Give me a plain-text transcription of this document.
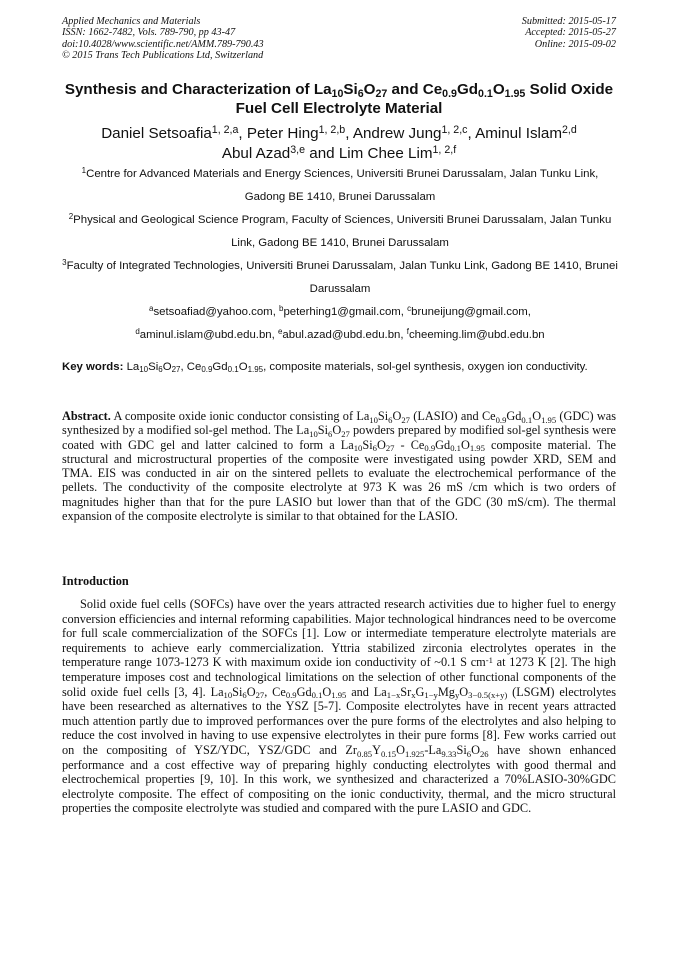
Applied Mechanics and Materials
ISSN: 1662-7482, Vols. 789-790, pp 43-47
doi:10.4028/www.scientific.net/AMM.789-790.43
© 2015 Trans Tech Publications Ltd, Switzerland
Submitted: 2015-05-17
Accepted: 2015-05-27
Online: 2015-09-02
Synthesis and Characterization of $La_{10}Si_6O_{27}$ and $Ce_{0.9}Gd_{0.1}O_{1.95}$ Solid Oxide Fuel Cell Electrolyte Material
Daniel Setsoafia$^{1, 2,a}$, Peter Hing$^{1, 2,b}$, Andrew Jung$^{1, 2,c}$, Aminul Islam$^{2,d}$
Abul Azad$^{3,e}$ and Lim Chee Lim$^{1, 2,f}$
$^1$Centre for Advanced Materials and Energy Sciences, Universiti Brunei Darussalam, Jalan Tunku Link, Gadong BE 1410, Brunei Darussalam
$^2$Physical and Geological Science Program, Faculty of Sciences, Universiti Brunei Darussalam, Jalan Tunku Link, Gadong BE 1410, Brunei Darussalam
$^3$Faculty of Integrated Technologies, Universiti Brunei Darussalam, Jalan Tunku Link, Gadong BE 1410, Brunei Darussalam
$^a$setsoafiad@yahoo.com, $^b$peterhing1@gmail.com, $^c$bruneijung@gmail.com,
$^d$aminul.islam@ubd.edu.bn, $^e$abul.azad@ubd.edu.bn, $^f$cheeming.lim@ubd.edu.bn
Key words: $La_{10}Si_6O_{27}$, $Ce_{0.9}Gd_{0.1}O_{1.95}$, composite materials, sol-gel synthesis, oxygen ion conductivity.
Abstract. A composite oxide ionic conductor consisting of $La_{10}Si_6O_{27}$ (LASIO) and $Ce_{0.9}Gd_{0.1}O_{1.95}$ (GDC) was synthesized by a modified sol-gel method. The $La_{10}Si_6O_{27}$ powders prepared by modified sol-gel synthesis were coated with GDC gel and latter calcined to form a $La_{10}Si_6O_{27} - Ce_{0.9}Gd_{0.1}O_{1.95}$ composite material. The structural and microstructural properties of the composite were investigated using powder XRD, SEM and TMA. EIS was conducted in air on the sintered pellets to evaluate the electrochemical performance of the pellets. The conductivity of the composite electrolyte at 973 K was 26 mS /cm which is two orders of magnitudes higher than that for the pure LASIO but lower than that of the GDC (30 mS/cm). The thermal expansion of the composite electrolyte is similar to that obtained for the LASIO.
Introduction
Solid oxide fuel cells (SOFCs) have over the years attracted research activities due to higher fuel to energy conversion efficiencies and internal reforming capabilities. Major technological hindrances need to be overcome for full scale commercialization of the SOFCs [1]. Low or intermediate temperature electrolyte materials are requirements to achieve early commercialization. Yttria stabilized zirconia electrolytes operates in the temperature range 1073-1273 K with maximum oxide ion conductivity of ~0.1 S $cm^{-1}$ at 1273 K [2]. The high temperature imposes cost and technological limitations on the selection of other functional components of the solid oxide fuel cells [3, 4]. $La_{10}Si_6O_{27}$, $Ce_{0.9}Gd_{0.1}O_{1.95}$ and $La_{1-x}Sr_xG_{1-y}Mg_yO_{3-0.5(x+y)}$ (LSGM) electrolytes have been researched as alternatives to the YSZ [5-7]. Composite electrolytes have in recent years attracted much attention partly due to improved performances over the pure forms of the electrolytes and also helping to reduce the cost involved in having to use expensive electrolytes in their pure forms [8]. Few works carried out on the compositing of YSZ/YDC, YSZ/GDC and $Zr_{0.85}Y_{0.15}O_{1.925}-La_{9.33}Si_6O_{26}$ have shown enhanced performance and a cost effective way of preparing highly conducting electrolytes with good thermal and electrochemical properties [9, 10]. In this work, we synthesized and characterized a 70%LASIO-30%GDC electrolyte composite. The effect of compositing on the ionic conductivity, thermal, and the micro structural properties the composite electrolyte was studied and compared with the pure LASIO and GDC.
